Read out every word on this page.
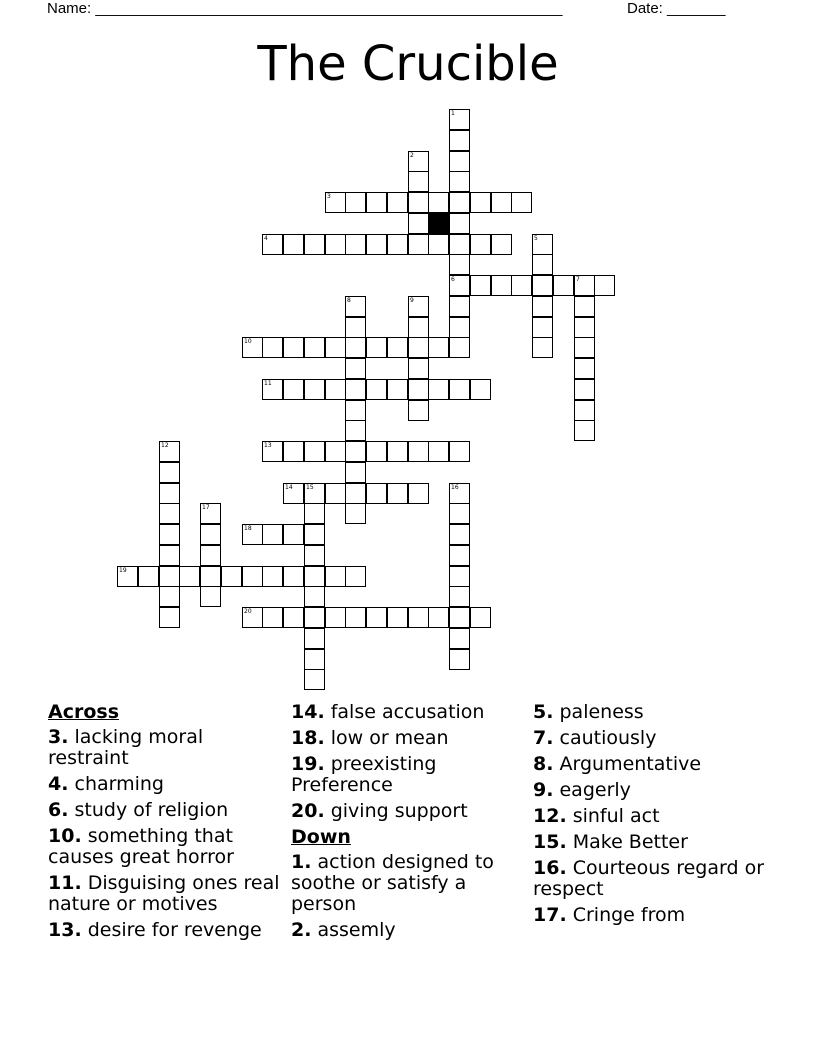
Name: ________________________________________________________	Date: _______
The Crucible
1
6
2
3
4	5
7
8	9
10
11
12	13
14 15	16
17
18
19
20
Across
3. lacking moral restraint
4. charming
6. study of religion
10. something that causes great horror
11. Disguising ones real nature or motives
13. desire for revenge
14. false accusation
18. low or mean
19. preexisting Preference
20. giving support
Down
1. action designed to soothe or satisfy a person
2. assemly
5. paleness
7. cautiously
8. Argumentative
9. eagerly
12. sinful act
15. Make Better
16. Courteous regard or respect
17. Cringe from
